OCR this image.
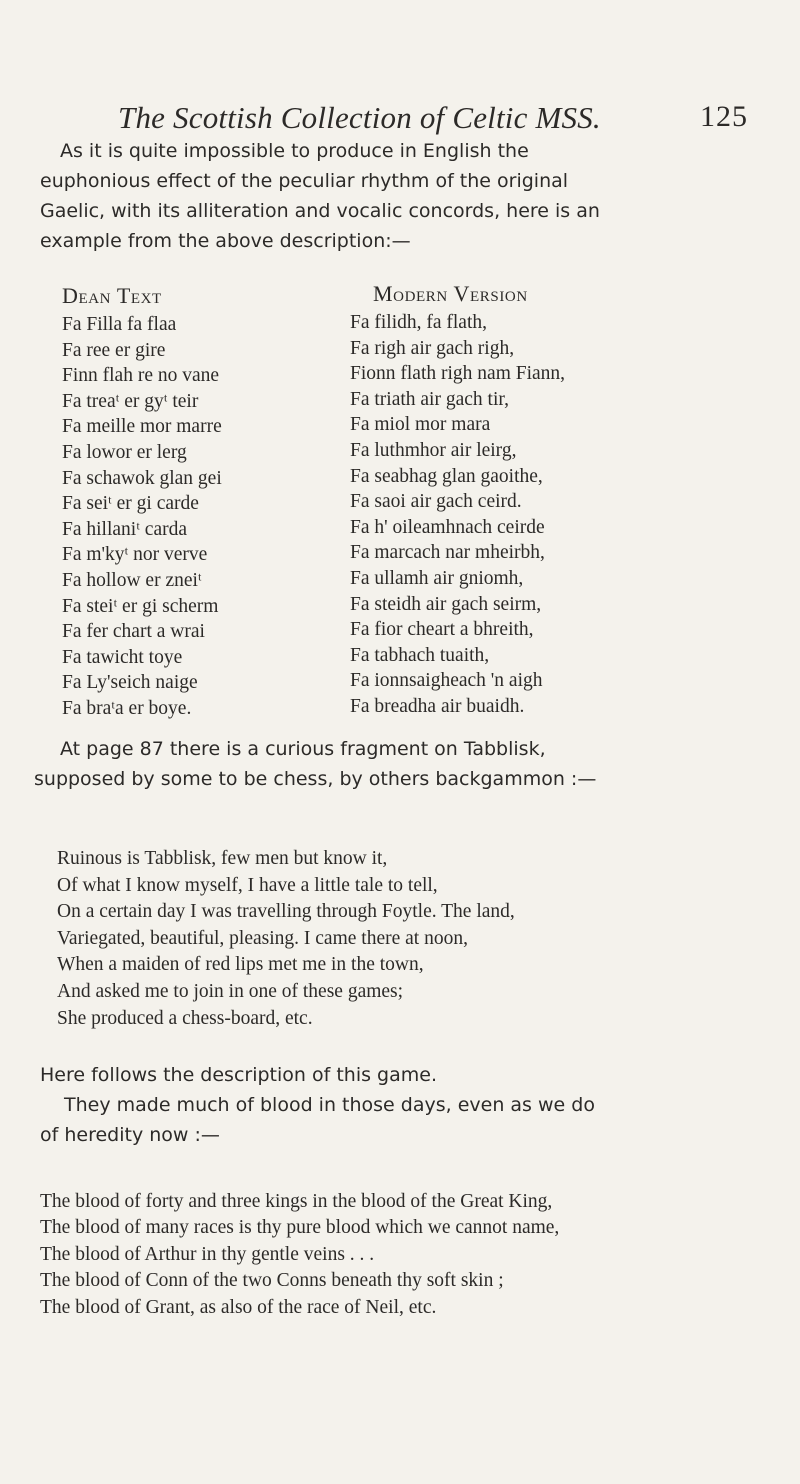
The Scottish Collection of Celtic MSS.	125

As it is quite impossible to produce in English the
euphonious effect of the peculiar rhythm of the original
Gaelic, with its alliteration and vocalic concords, here is an
example from the above description:—

Dean Text
Fa Filla fa flaa
Fa ree er gire
Finn flah re no vane
Fa treaᵗ er gyᵗ teir
Fa meille mor marre
Fa lowor er lerg
Fa schawok glan gei
Fa seiᵗ er gi carde
Fa hillaniᵗ carda
Fa m'kyᵗ nor verve
Fa hollow er zneiᵗ
Fa steiᵗ er gi scherm
Fa fer chart a wrai
Fa tawicht toye
Fa Ly'seich naige
Fa braᵗa er boye.
Modern Version
Fa filidh, fa flath,
Fa righ air gach righ,
Fionn flath righ nam Fiann,
Fa triath air gach tir,
Fa miol mor mara
Fa luthmhor air leirg,
Fa seabhag glan gaoithe,
Fa saoi air gach ceird.
Fa h' oileamhnach ceirde
Fa marcach nar mheirbh,
Fa ullamh air gniomh,
Fa steidh air gach seirm,
Fa fior cheart a bhreith,
Fa tabhach tuaith,
Fa ionnsaigheach 'n aigh
Fa breadha air buaidh.

At page 87 there is a curious fragment on Tabblisk,
supposed by some to be chess, by others backgammon :—

Ruinous is Tabblisk, few men but know it,
Of what I know myself, I have a little tale to tell,
On a certain day I was travelling through Foytle. The land,
Variegated, beautiful, pleasing. I came there at noon,
When a maiden of red lips met me in the town,
And asked me to join in one of these games;
She produced a chess-board, etc.

Here follows the description of this game.
They made much of blood in those days, even as we do
of heredity now :—

The blood of forty and three kings in the blood of the Great King,
The blood of many races is thy pure blood which we cannot name,
The blood of Arthur in thy gentle veins . . .
The blood of Conn of the two Conns beneath thy soft skin ;
The blood of Grant, as also of the race of Neil, etc.
